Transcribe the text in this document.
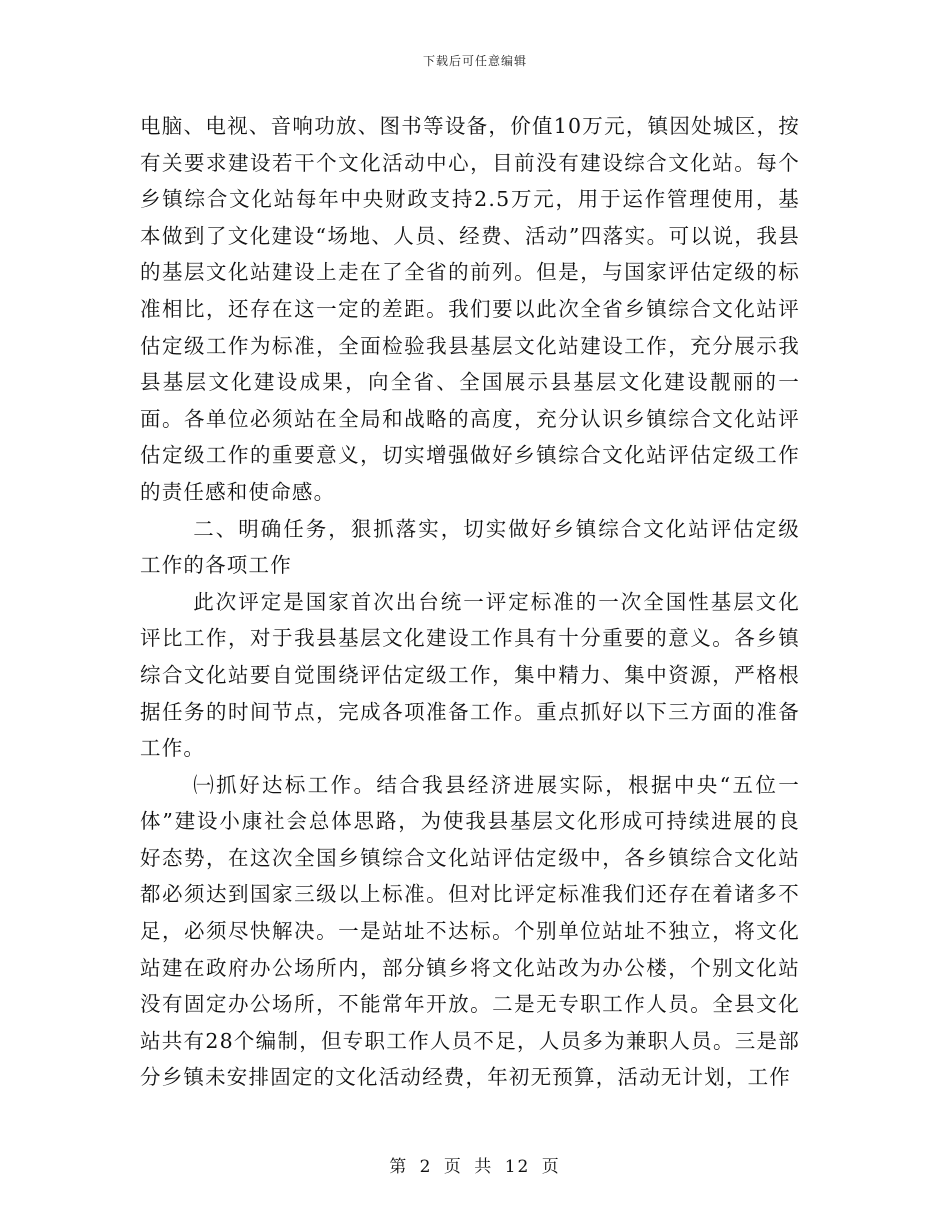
下载后可任意编辑

电脑、电视、音响功放、图书等设备，价值10万元，镇因处城区，按有关要求建设若干个文化活动中心，目前没有建设综合文化站。每个乡镇综合文化站每年中央财政支持2.5万元，用于运作管理使用，基本做到了文化建设“场地、人员、经费、活动”四落实。可以说，我县的基层文化站建设上走在了全省的前列。但是，与国家评估定级的标准相比，还存在这一定的差距。我们要以此次全省乡镇综合文化站评估定级工作为标准，全面检验我县基层文化站建设工作，充分展示我县基层文化建设成果，向全省、全国展示县基层文化建设靓丽的一面。各单位必须站在全局和战略的高度，充分认识乡镇综合文化站评估定级工作的重要意义，切实增强做好乡镇综合文化站评估定级工作的责任感和使命感。

二、明确任务，狠抓落实，切实做好乡镇综合文化站评估定级工作的各项工作

此次评定是国家首次出台统一评定标准的一次全国性基层文化评比工作，对于我县基层文化建设工作具有十分重要的意义。各乡镇综合文化站要自觉围绕评估定级工作，集中精力、集中资源，严格根据任务的时间节点，完成各项准备工作。重点抓好以下三方面的准备工作。

㈠抓好达标工作。结合我县经济进展实际，根据中央“五位一体”建设小康社会总体思路，为使我县基层文化形成可持续进展的良好态势，在这次全国乡镇综合文化站评估定级中，各乡镇综合文化站都必须达到国家三级以上标准。但对比评定标准我们还存在着诸多不足，必须尽快解决。一是站址不达标。个别单位站址不独立，将文化站建在政府办公场所内，部分镇乡将文化站改为办公楼，个别文化站没有固定办公场所，不能常年开放。二是无专职工作人员。全县文化站共有28个编制，但专职工作人员不足，人员多为兼职人员。三是部分乡镇未安排固定的文化活动经费，年初无预算，活动无计划，工作

第 2 页 共 12 页
